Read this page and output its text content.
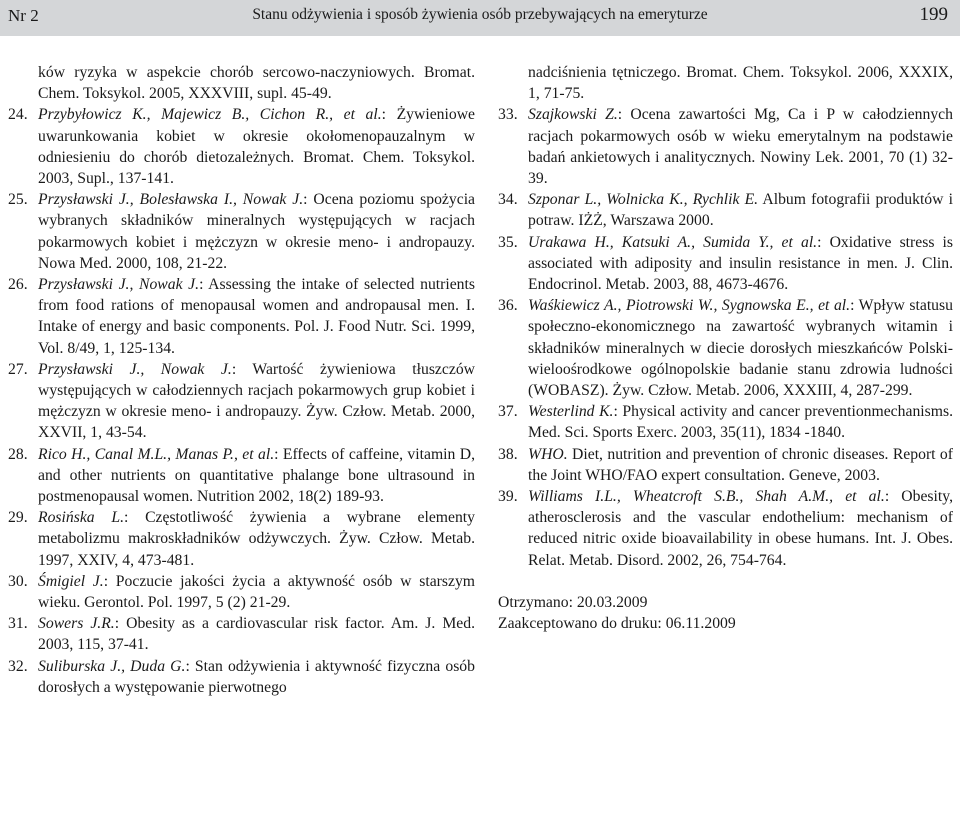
Nr 2	Stanu odżywienia i sposób żywienia osób przebywających na emeryturze	199
ków ryzyka w aspekcie chorób sercowo-naczyniowych. Bromat. Chem. Toksykol. 2005, XXXVIII, supl. 45-49.
24. Przybyłowicz K., Majewicz B., Cichon R., et al.: Żywieniowe uwarunkowania kobiet w okresie okołomenopauzalnym w odniesieniu do chorób dietozależnych. Bromat. Chem. Toksykol. 2003, Supl., 137-141.
25. Przysławski J., Bolesławska I., Nowak J.: Ocena poziomu spożycia wybranych składników mineralnych występujących w racjach pokarmowych kobiet i mężczyzn w okresie meno- i andropauzy. Nowa Med. 2000, 108, 21-22.
26. Przysławski J., Nowak J.: Assessing the intake of selected nutrients from food rations of menopausal women and andropausal men. I. Intake of energy and basic components. Pol. J. Food Nutr. Sci. 1999, Vol. 8/49, 1, 125-134.
27. Przysławski J., Nowak J.: Wartość żywieniowa tłuszczów występujących w całodziennych racjach pokarmowych grup kobiet i mężczyzn w okresie meno- i andropauzy. Żyw. Człow. Metab. 2000, XXVII, 1, 43-54.
28. Rico H., Canal M.L., Manas P., et al.: Effects of caffeine, vitamin D, and other nutrients on quantitative phalange bone ultrasound in postmenopausal women. Nutrition 2002, 18(2) 189-93.
29. Rosińska L.: Częstotliwość żywienia a wybrane elementy metabolizmu makroskładników odżywczych. Żyw. Człow. Metab. 1997, XXIV, 4, 473-481.
30. Śmigiel J.: Poczucie jakości życia a aktywność osób w starszym wieku. Gerontol. Pol. 1997, 5 (2) 21-29.
31. Sowers J.R.: Obesity as a cardiovascular risk factor. Am. J. Med. 2003, 115, 37-41.
32. Suliburska J., Duda G.: Stan odżywienia i aktywność fizyczna osób dorosłych a występowanie pierwotnego
nadciśnienia tętniczego. Bromat. Chem. Toksykol. 2006, XXXIX, 1, 71-75.
33. Szajkowski Z.: Ocena zawartości Mg, Ca i P w całodziennych racjach pokarmowych osób w wieku emerytalnym na podstawie badań ankietowych i analitycznych. Nowiny Lek. 2001, 70 (1) 32-39.
34. Szponar L., Wolnicka K., Rychlik E. Album fotografii produktów i potraw. IŻŻ, Warszawa 2000.
35. Urakawa H., Katsuki A., Sumida Y., et al.: Oxidative stress is associated with adiposity and insulin resistance in men. J. Clin. Endocrinol. Metab. 2003, 88, 4673-4676.
36. Waśkiewicz A., Piotrowski W., Sygnowska E., et al.: Wpływ statusu społeczno-ekonomicznego na zawartość wybranych witamin i składników mineralnych w diecie dorosłych mieszkańców Polski-wieloośrodkowe ogólnopolskie badanie stanu zdrowia ludności (WOBASZ). Żyw. Człow. Metab. 2006, XXXIII, 4, 287-299.
37. Westerlind K.: Physical activity and cancer preventionmechanisms. Med. Sci. Sports Exerc. 2003, 35(11), 1834 -1840.
38. WHO. Diet, nutrition and prevention of chronic diseases. Report of the Joint WHO/FAO expert consultation. Geneve, 2003.
39. Williams I.L., Wheatcroft S.B., Shah A.M., et al.: Obesity, atherosclerosis and the vascular endothelium: mechanism of reduced nitric oxide bioavailability in obese humans. Int. J. Obes. Relat. Metab. Disord. 2002, 26, 754-764.
Otrzymano: 20.03.2009
Zaakceptowano do druku: 06.11.2009
